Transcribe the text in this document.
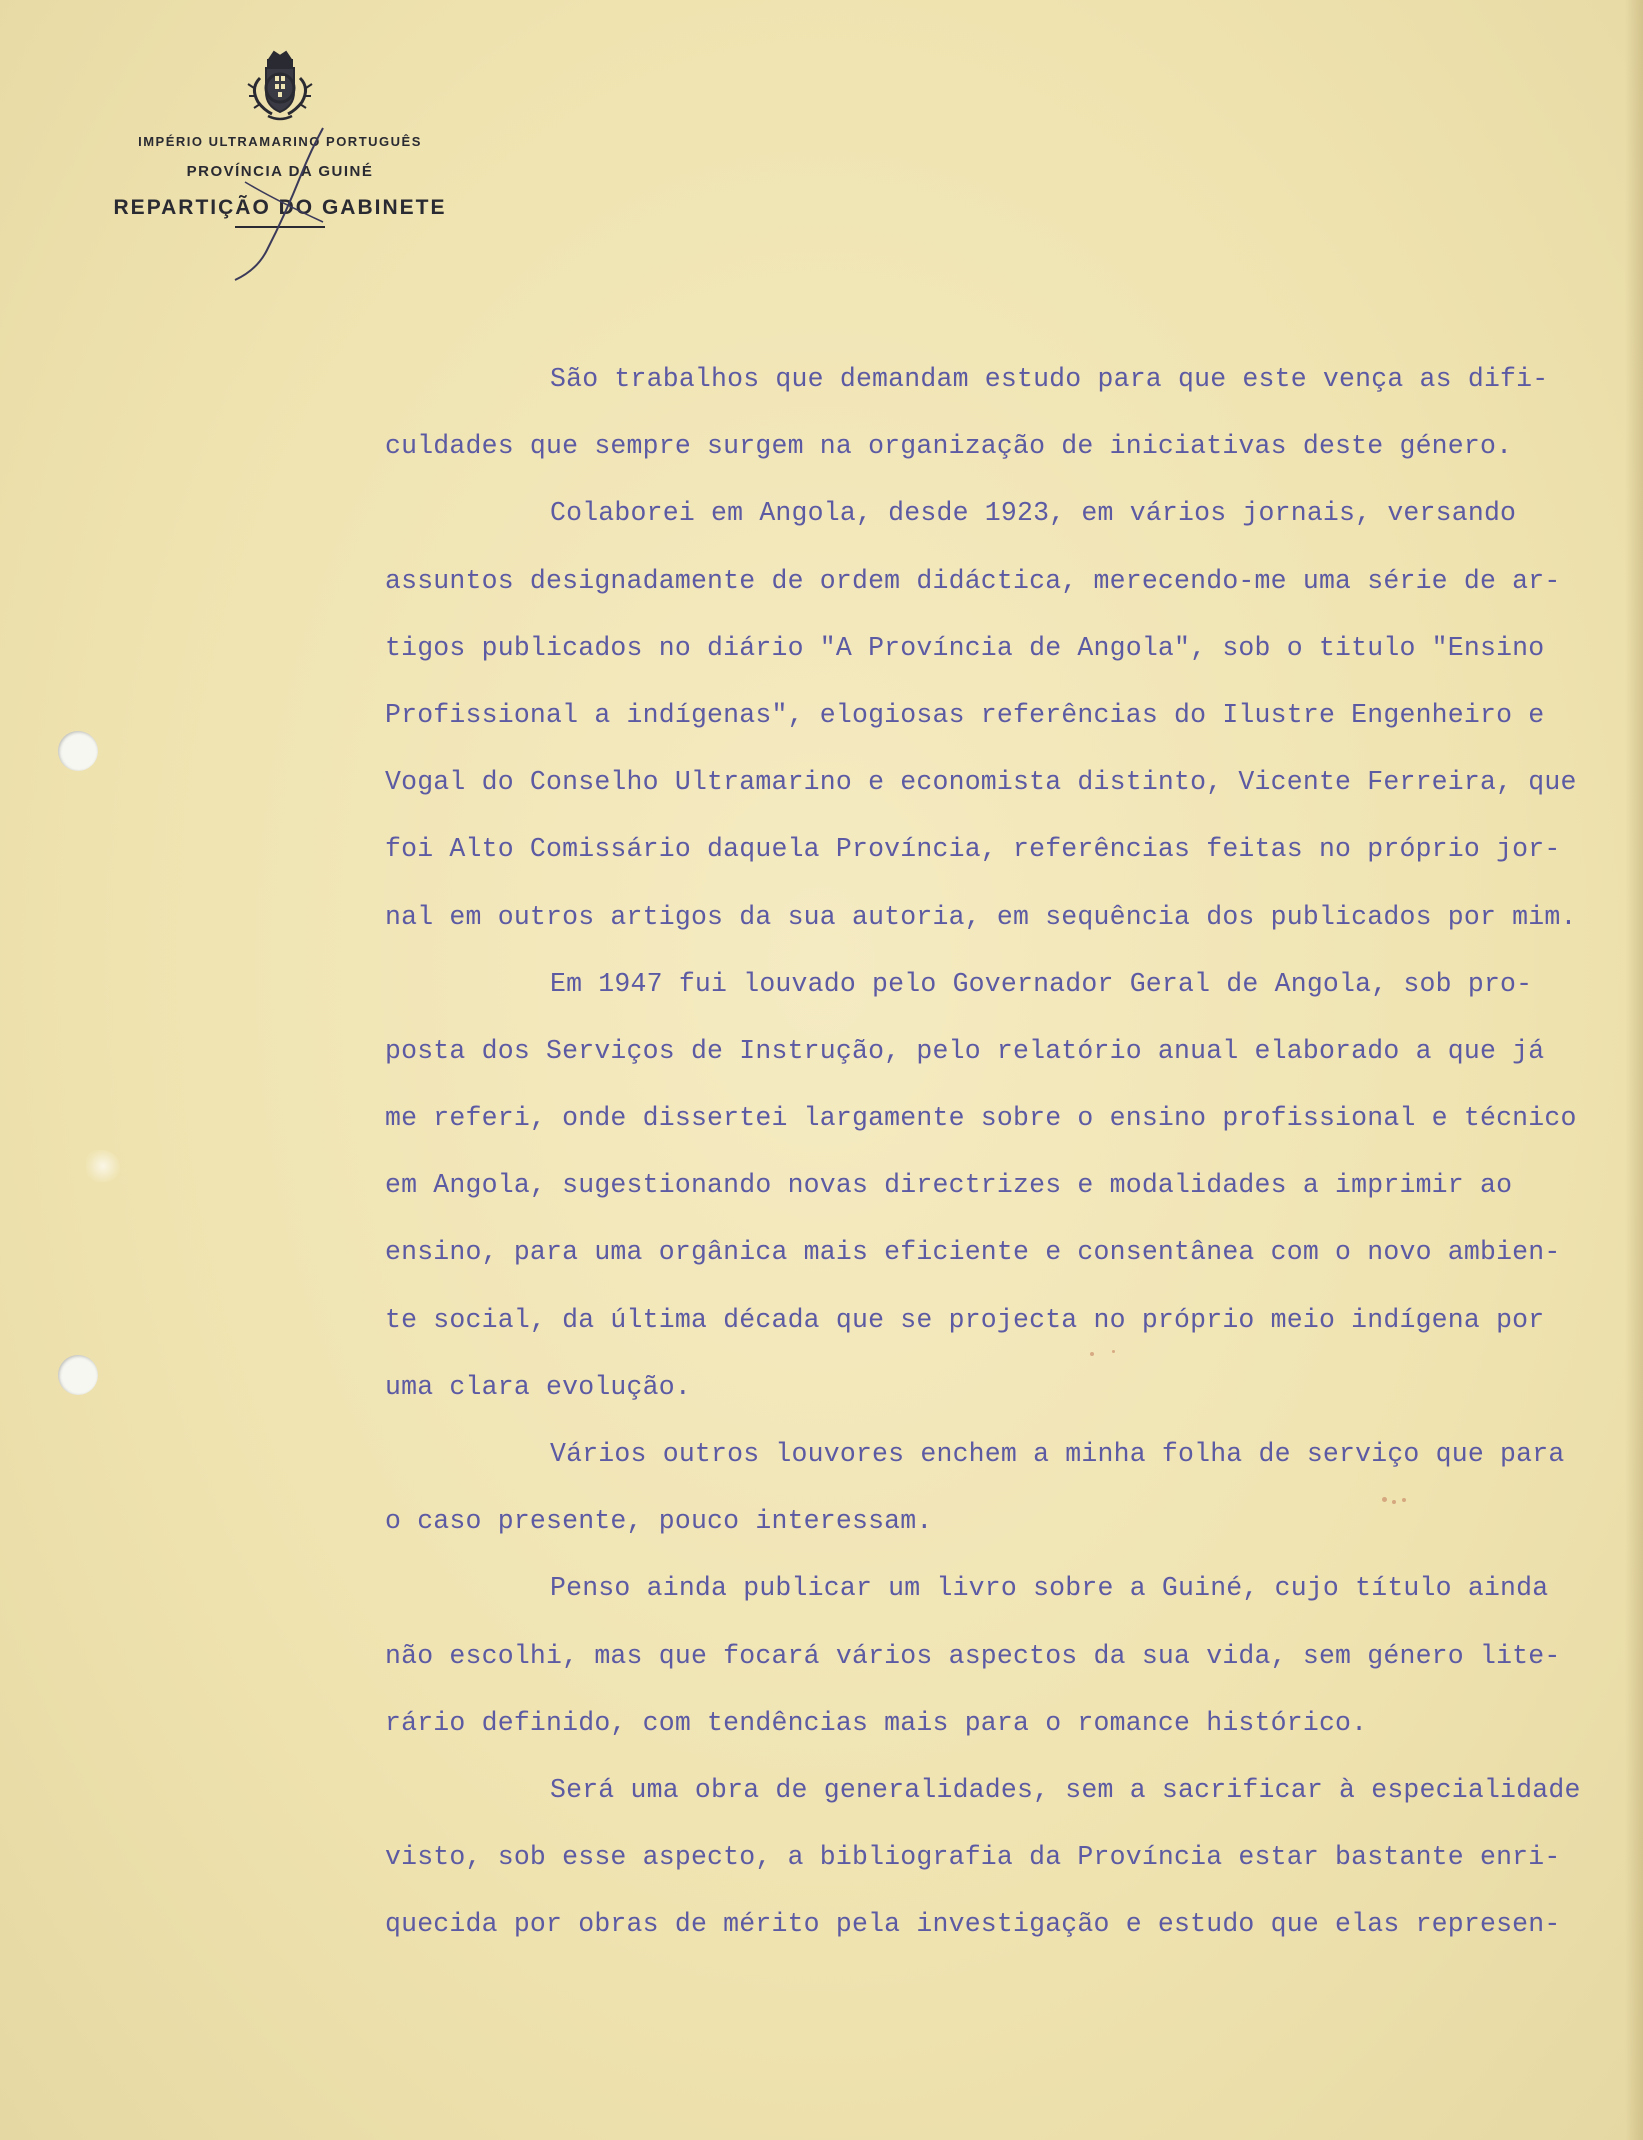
IMPÉRIO ULTRAMARINO PORTUGUÊS
PROVÍNCIA DA GUINÉ
REPARTIÇÃO DO GABINETE
São trabalhos que demandam estudo para que este vença as difi-
culdades que sempre surgem na organização de iniciativas deste género.
Colaborei em Angola, desde 1923, em vários jornais, versando
assuntos designadamente de ordem didáctica, merecendo-me uma série de ar-
tigos publicados no diário "A Província de Angola", sob o titulo "Ensino
Profissional a indígenas", elogiosas referências do Ilustre Engenheiro e
Vogal do Conselho Ultramarino e economista distinto, Vicente Ferreira, que
foi Alto Comissário daquela Província, referências feitas no próprio jor-
nal em outros artigos da sua autoria, em sequência dos publicados por mim.
Em 1947 fui louvado pelo Governador Geral de Angola, sob pro-
posta dos Serviços de Instrução, pelo relatório anual elaborado a que já
me referi, onde dissertei largamente sobre o ensino profissional e técnico
em Angola, sugestionando novas directrizes e modalidades a imprimir ao
ensino, para uma orgânica mais eficiente e consentânea com o novo ambien-
te social, da última década que se projecta no próprio meio indígena por
uma clara evolução.
Vários outros louvores enchem a minha folha de serviço que para
o caso presente, pouco interessam.
Penso ainda publicar um livro sobre a Guiné, cujo título ainda
não escolhi, mas que focará vários aspectos da sua vida, sem género lite-
rário definido, com tendências mais para o romance histórico.
Será uma obra de generalidades, sem a sacrificar à especialidade
visto, sob esse aspecto, a bibliografia da Província estar bastante enri-
quecida por obras de mérito pela investigação e estudo que elas represen-
